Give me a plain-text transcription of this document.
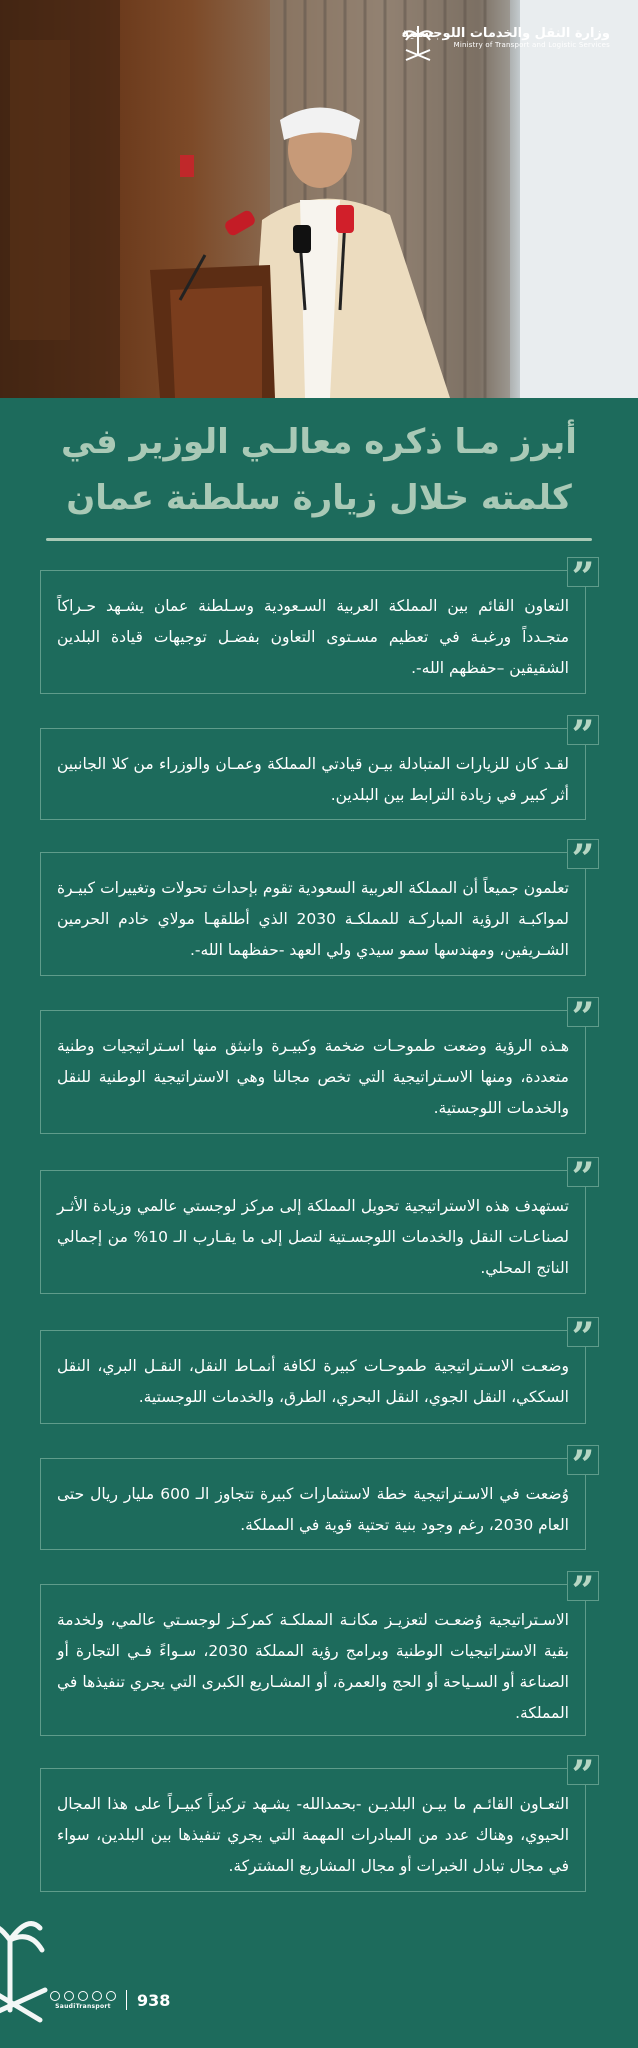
وزارة النقل والخدمات اللوجستية
Ministry of Transport and Logistic Services
أبرز مـا ذكره معالـي الوزير في
كلمته خلال زيارة سلطنة عمان
”
التعاون القائم بين المملكة العربية السـعودية وسـلطنة عمان يشـهد حـراكاً متجـدداً ورغبـة في تعظيم مسـتوى التعاون بفضـل توجيهات قيادة البلدين الشقيقين –حفظهم الله-.
”
لقـد كان للزيارات المتبادلة بيـن قيادتي المملكة وعمـان والوزراء من كلا الجانبين أثر كبير في زيادة الترابط بين البلدين.
”
تعلمون جميعاً أن المملكة العربية السعودية تقوم بإحداث تحولات وتغييرات كبيـرة لمواكبـة الرؤية المباركـة للمملكـة 2030 الذي أطلقهـا مولاي خادم الحرمين الشـريفين، ومهندسها سمو سيدي ولي العهد -حفظهما الله-.
”
هـذه الرؤية وضعت طموحـات ضخمة وكبيـرة وانبثق منها اسـتراتيجيات وطنية متعددة، ومنها الاسـتراتيجية التي تخص مجالنا وهي الاستراتيجية الوطنية للنقل والخدمات اللوجستية.
”
تستهدف هذه الاستراتيجية تحويل المملكة إلى مركز لوجستي عالمي وزيادة الأثـر لصناعـات النقل والخدمات اللوجسـتية لتصل إلى ما يقـارب الـ 10% من إجمالي الناتج المحلي.
”
وضعـت الاسـتراتيجية طموحـات كبيرة لكافة أنمـاط النقل، النقـل البري، النقل السككي، النقل الجوي، النقل البحري، الطرق، والخدمات اللوجستية.
”
وُضعت في الاسـتراتيجية خطة لاستثمارات كبيرة تتجاوز الـ 600 مليار ريال حتى العام 2030، رغم وجود بنية تحتية قوية في المملكة.
”
الاسـتراتيجية وُضعـت لتعزيـز مكانـة المملكـة كمركـز لوجسـتي عالمي، ولخدمة بقية الاستراتيجيات الوطنية وبرامج رؤية المملكة 2030، سـواءً فـي التجارة أو الصناعة أو السـياحة أو الحج والعمرة، أو المشـاريع الكبرى التي يجري تنفيذها في المملكة.
”
التعـاون القائـم ما بيـن البلديـن -بحمدالله- يشـهد تركيزاً كبيـراً على هذا المجال الحيوي، وهناك عدد من المبادرات المهمة التي يجري تنفيذها بين البلدين، سواء في مجال تبادل الخبرات أو مجال المشاريع المشتركة.
SaudiTransport 938
